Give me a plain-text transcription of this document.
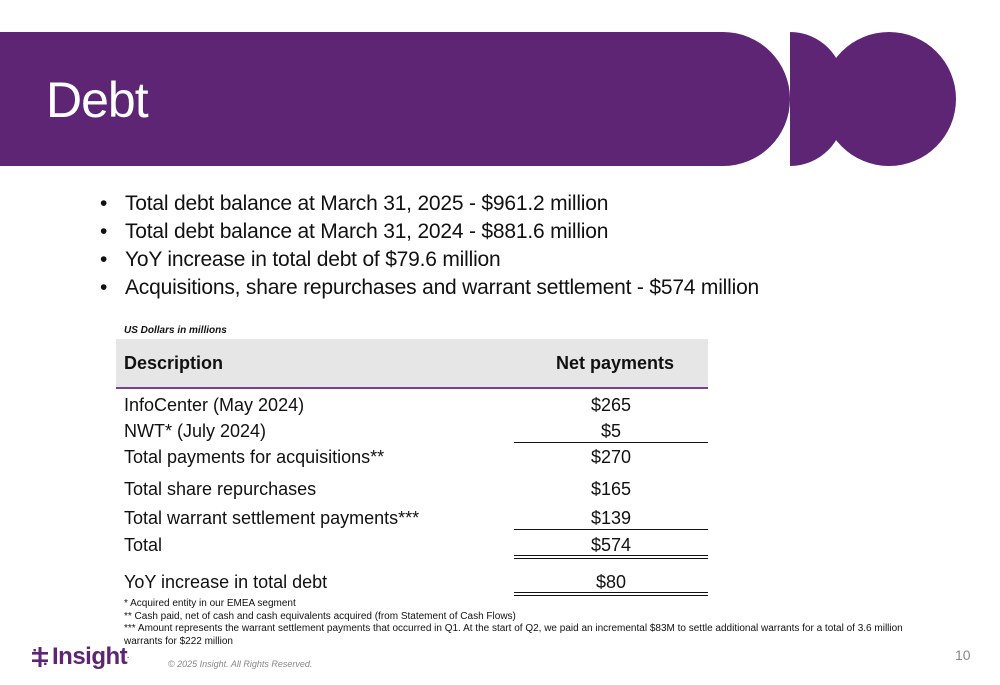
Debt
• Total debt balance at March 31, 2025 - $961.2 million
• Total debt balance at March 31, 2024 - $881.6 million
• YoY increase in total debt of $79.6 million
• Acquisitions, share repurchases and warrant settlement - $574 million
US Dollars in millions
Description	Net payments
InfoCenter (May 2024)	$265
NWT* (July 2024)	$5
Total payments for acquisitions**	$270
Total share repurchases	$165
Total warrant settlement payments***	$139
Total	$574
YoY increase in total debt	$80
* Acquired entity in our EMEA segment
** Cash paid, net of cash and cash equivalents acquired (from Statement of Cash Flows)
*** Amount represents the warrant settlement payments that occurred in Q1. At the start of Q2, we paid an incremental $83M to settle additional warrants for a total of 3.6 million warrants for $222 million
Insight.
© 2025 Insight. All Rights Reserved.
10
